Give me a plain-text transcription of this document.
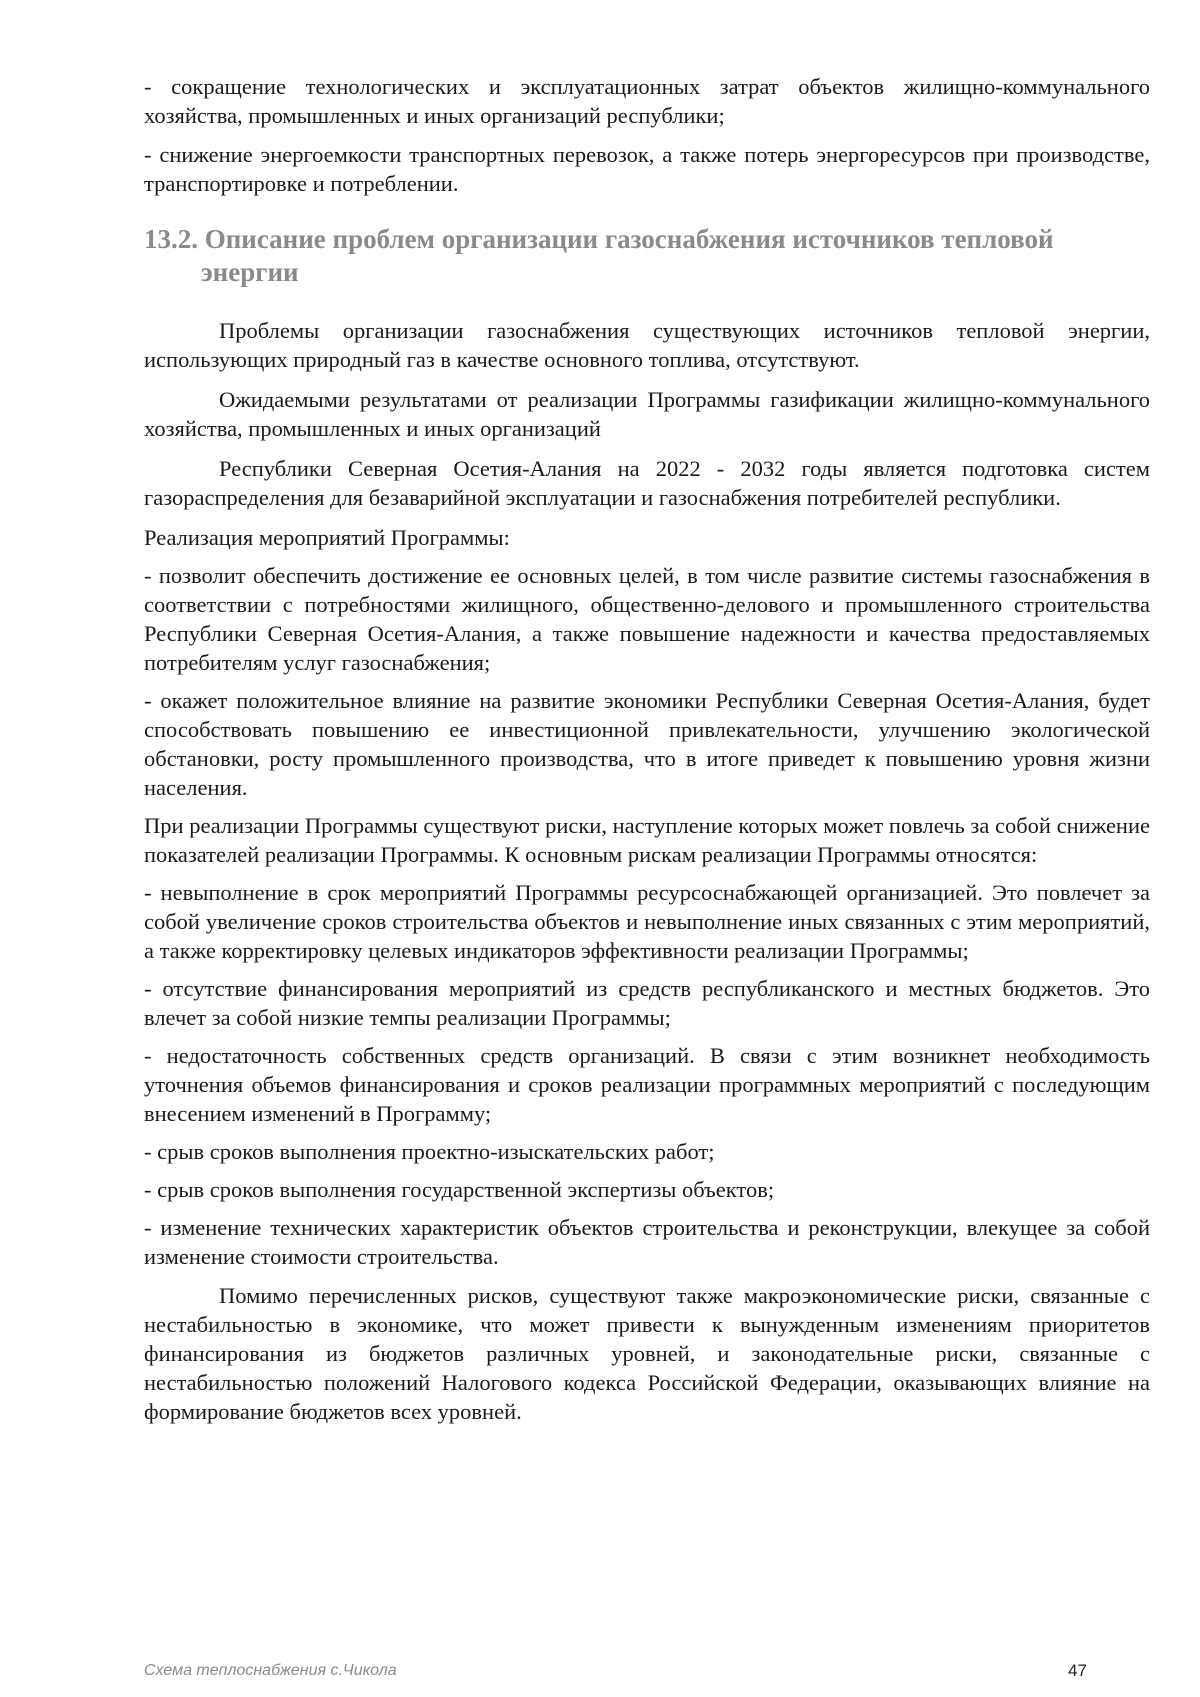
- сокращение технологических и эксплуатационных затрат объектов жилищно-коммунального хозяйства, промышленных и иных организаций республики;

- снижение энергоемкости транспортных перевозок, а также потерь энергоресурсов при производстве, транспортировке и потреблении.

13.2. Описание проблем организации газоснабжения источников тепловой энергии

Проблемы организации газоснабжения существующих источников тепловой энергии, использующих природный газ в качестве основного топлива, отсутствуют.

Ожидаемыми результатами от реализации Программы газификации жилищно-коммунального хозяйства, промышленных и иных организаций

Республики Северная Осетия-Алания на 2022 - 2032 годы является подготовка систем газораспределения для безаварийной эксплуатации и газоснабжения потребителей республики.

Реализация мероприятий Программы:

- позволит обеспечить достижение ее основных целей, в том числе развитие системы газоснабжения в соответствии с потребностями жилищного, общественно-делового и промышленного строительства Республики Северная Осетия-Алания, а также повышение надежности и качества предоставляемых потребителям услуг газоснабжения;

- окажет положительное влияние на развитие экономики Республики Северная Осетия-Алания, будет способствовать повышению ее инвестиционной привлекательности, улучшению экологической обстановки, росту промышленного производства, что в итоге приведет к повышению уровня жизни населения.

При реализации Программы существуют риски, наступление которых может повлечь за собой снижение показателей реализации Программы. К основным рискам реализации Программы относятся:

- невыполнение в срок мероприятий Программы ресурсоснабжающей организацией. Это повлечет за собой увеличение сроков строительства объектов и невыполнение иных связанных с этим мероприятий, а также корректировку целевых индикаторов эффективности реализации Программы;

- отсутствие финансирования мероприятий из средств республиканского и местных бюджетов. Это влечет за собой низкие темпы реализации Программы;

- недостаточность собственных средств организаций. В связи с этим возникнет необходимость уточнения объемов финансирования и сроков реализации программных мероприятий с последующим внесением изменений в Программу;

- срыв сроков выполнения проектно-изыскательских работ;

- срыв сроков выполнения государственной экспертизы объектов;

- изменение технических характеристик объектов строительства и реконструкции, влекущее за собой изменение стоимости строительства.

Помимо перечисленных рисков, существуют также макроэкономические риски, связанные с нестабильностью в экономике, что может привести к вынужденным изменениям приоритетов финансирования из бюджетов различных уровней, и законодательные риски, связанные с нестабильностью положений Налогового кодекса Российской Федерации, оказывающих влияние на формирование бюджетов всех уровней.

Схема теплоснабжения с.Чикола	47
